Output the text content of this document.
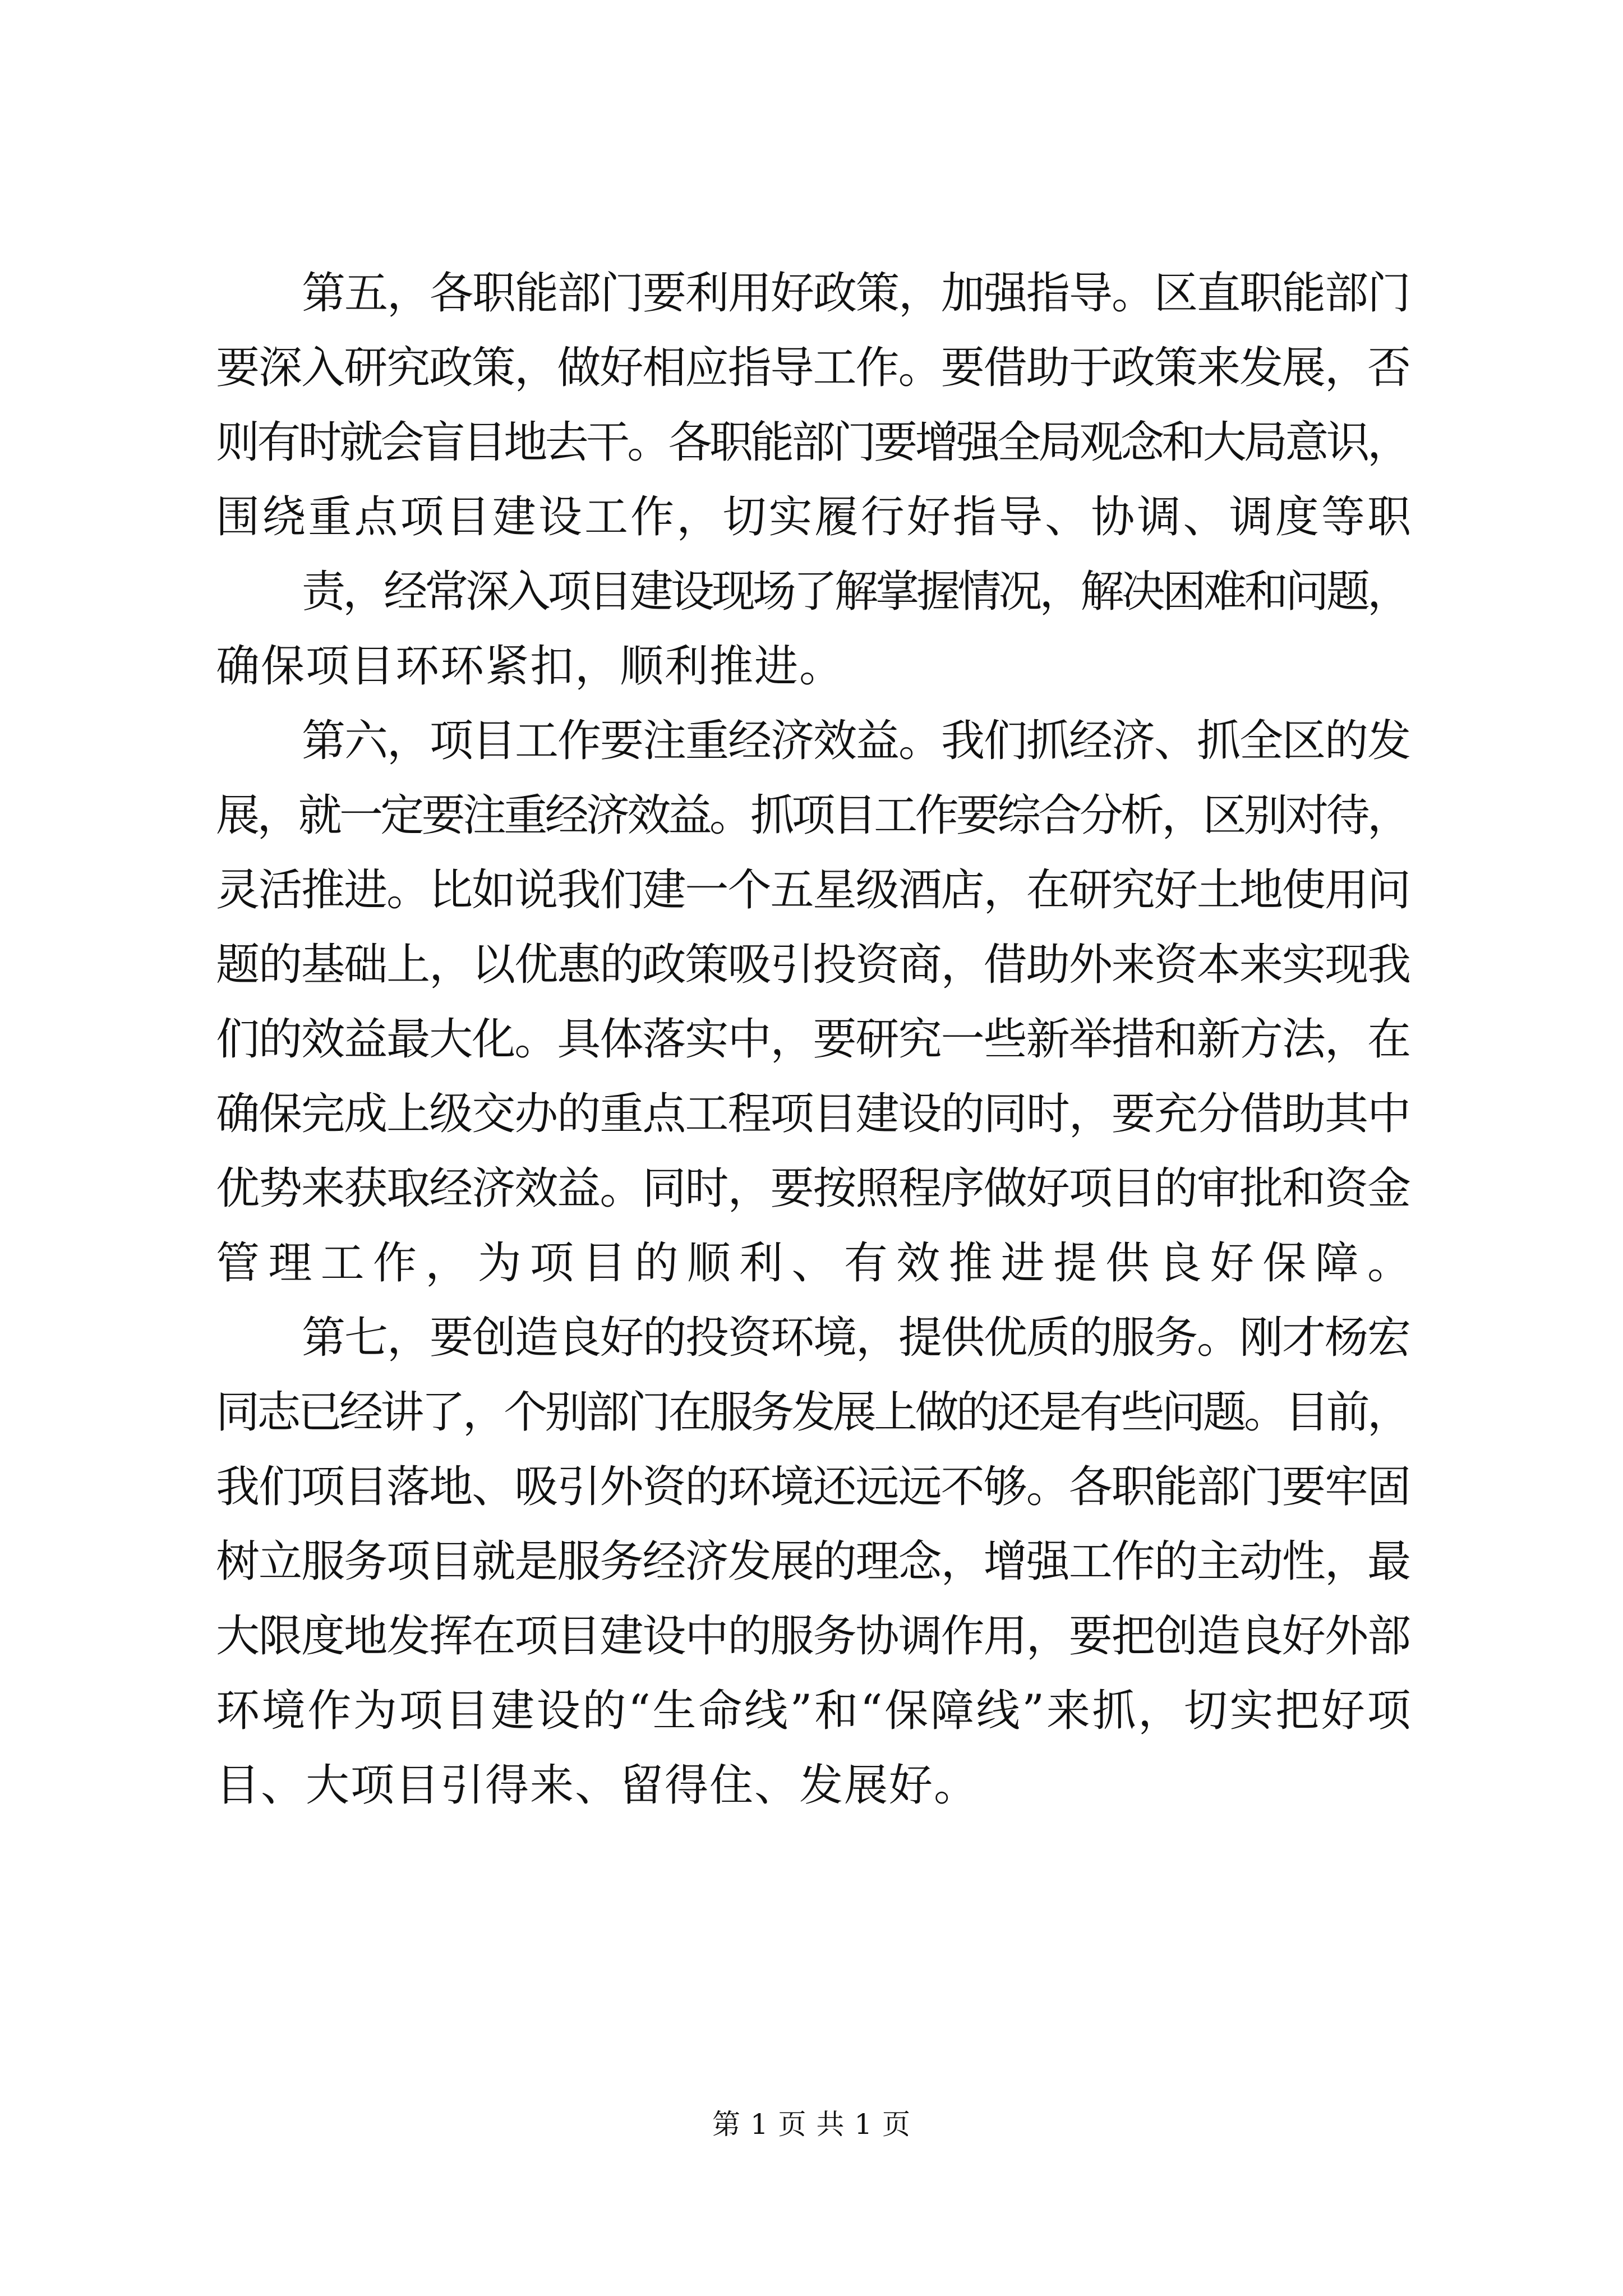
第五，各职能部门要利用好政策，加强指导。区直职能部门
要深入研究政策，做好相应指导工作。要借助于政策来发展，否
则有时就会盲目地去干。各职能部门要增强全局观念和大局意识，
围绕重点项目建设工作，切实履行好指导、协调、调度等职
责，经常深入项目建设现场了解掌握情况，解决困难和问题，
确保项目环环紧扣，顺利推进。
第六，项目工作要注重经济效益。我们抓经济、抓全区的发
展，就一定要注重经济效益。抓项目工作要综合分析，区别对待，
灵活推进。比如说我们建一个五星级酒店，在研究好土地使用问
题的基础上，以优惠的政策吸引投资商，借助外来资本来实现我
们的效益最大化。具体落实中，要研究一些新举措和新方法，在
确保完成上级交办的重点工程项目建设的同时，要充分借助其中
优势来获取经济效益。同时，要按照程序做好项目的审批和资金
管理工作，为项目的顺利、有效推进提供良好保障。
第七，要创造良好的投资环境，提供优质的服务。刚才杨宏
同志已经讲了，个别部门在服务发展上做的还是有些问题。目前，
我们项目落地、吸引外资的环境还远远不够。各职能部门要牢固
树立服务项目就是服务经济发展的理念，增强工作的主动性，最
大限度地发挥在项目建设中的服务协调作用，要把创造良好外部
环境作为项目建设的“生命线”和“保障线”来抓，切实把好项
目、大项目引得来、留得住、发展好。
第 1 页 共 1 页
